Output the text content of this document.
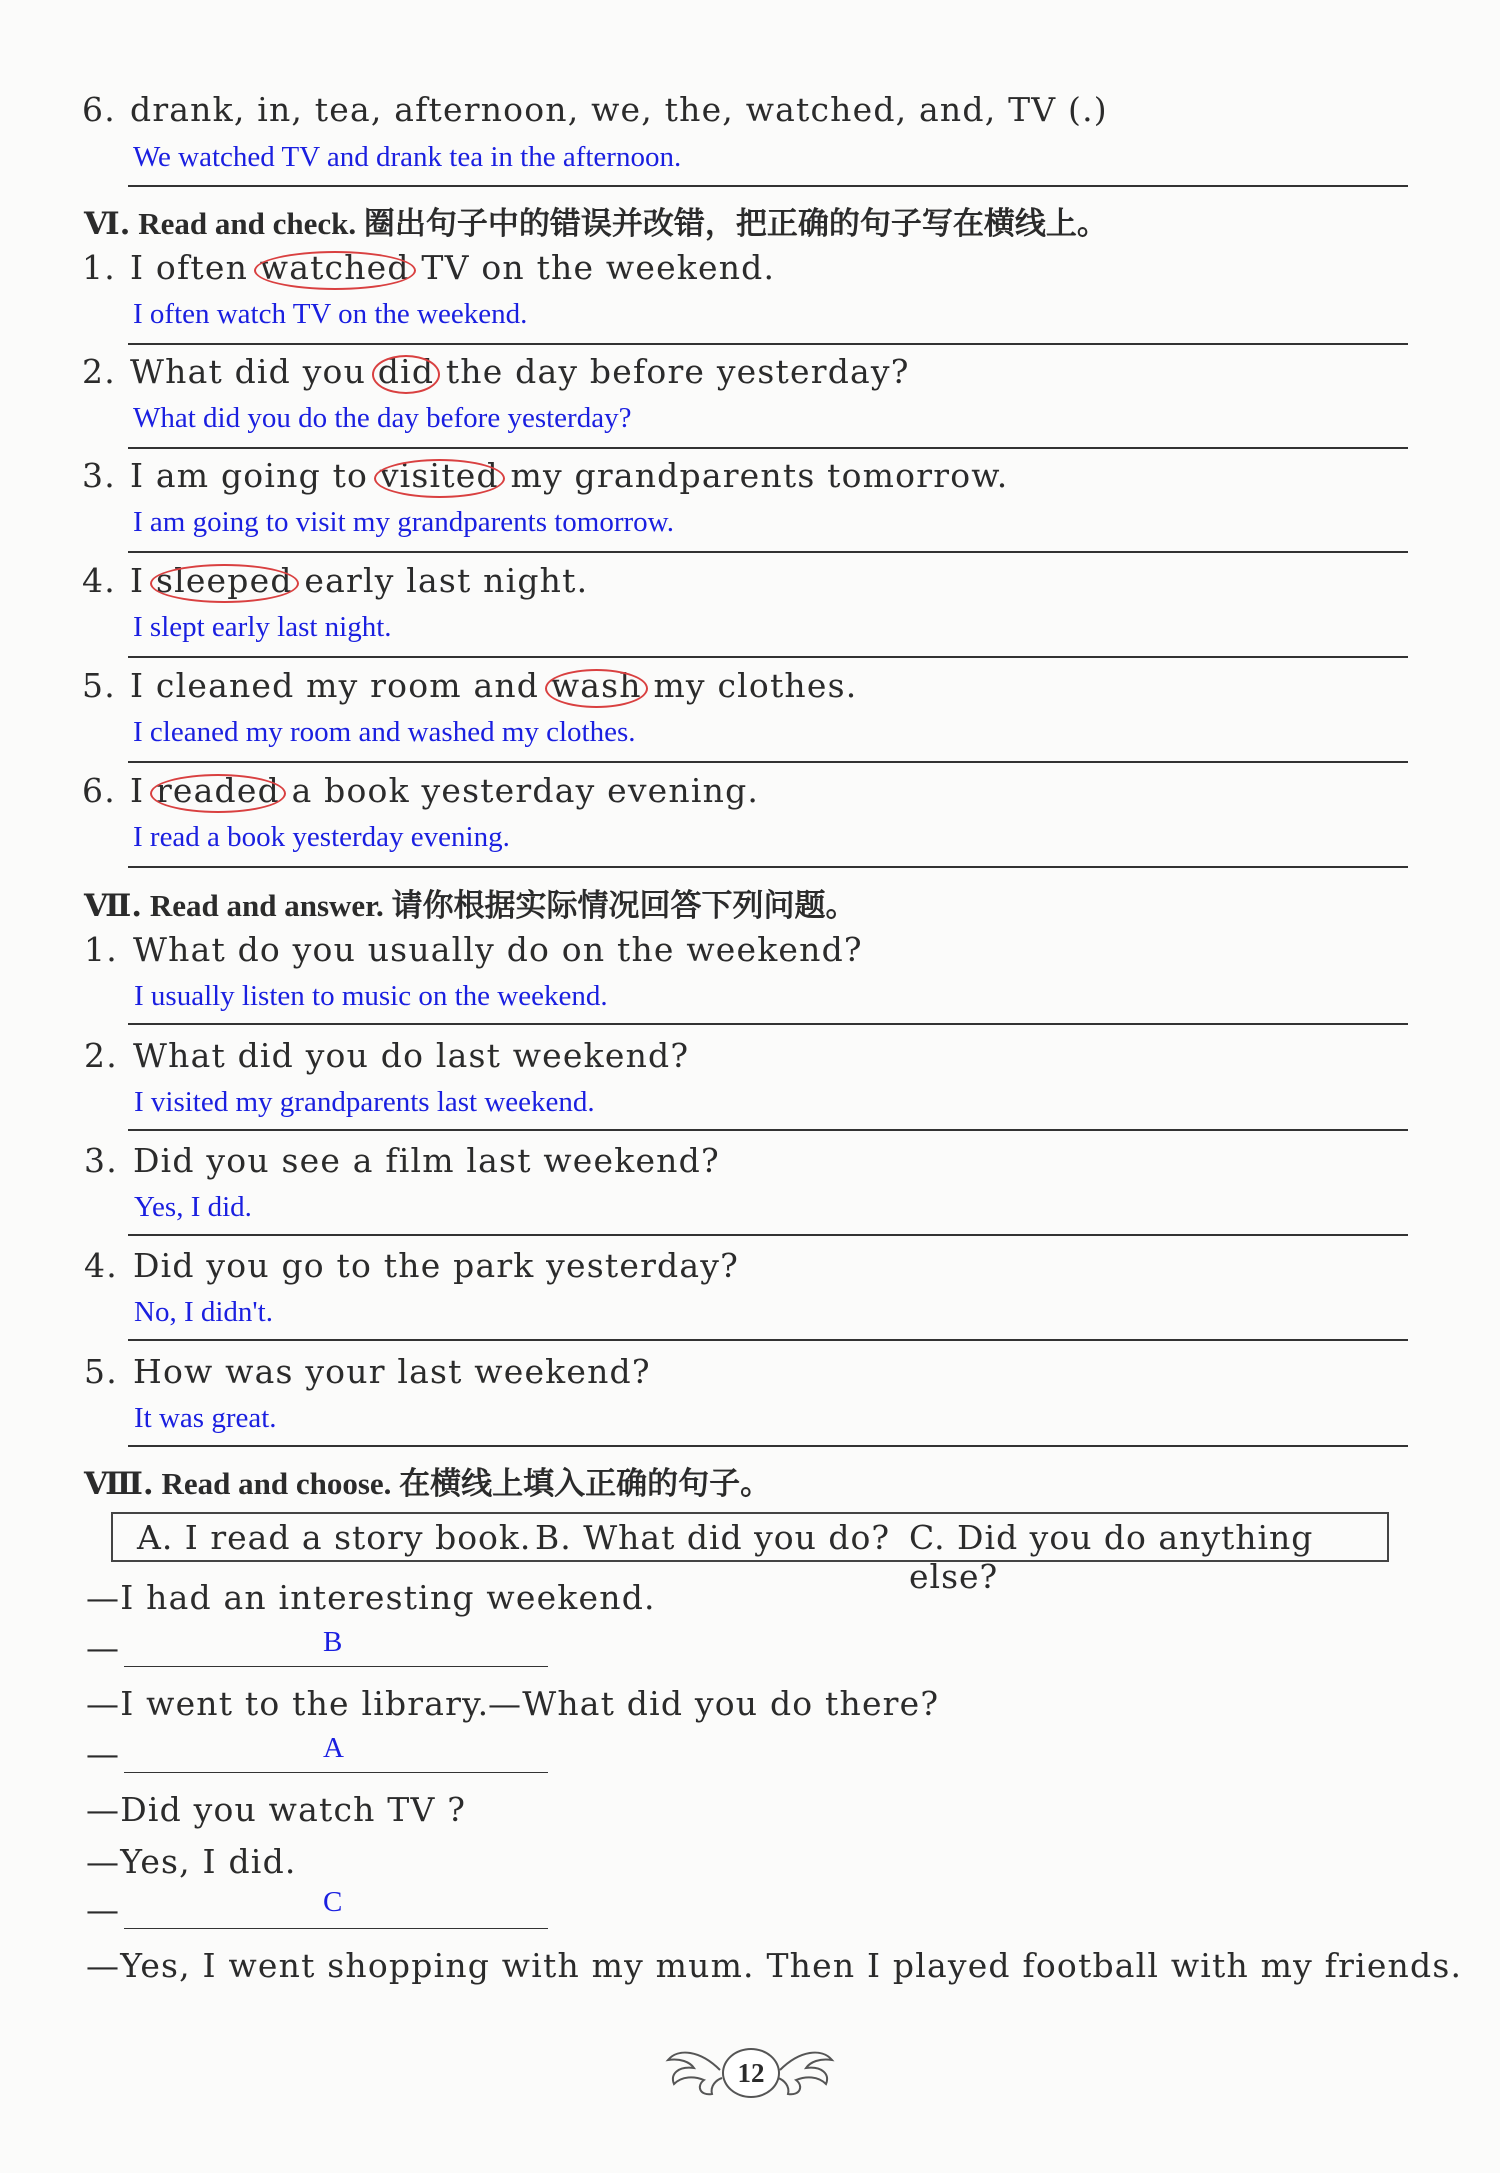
6. drank, in, tea, afternoon, we, the, watched, and, TV (.)
We watched TV and drank tea in the afternoon.
Ⅵ. Read and check. 圈出句子中的错误并改错，把正确的句子写在横线上。
1. I often watched TV on the weekend.
I often watch TV on the weekend.
2. What did you did the day before yesterday?
What did you do the day before yesterday?
3. I am going to visited my grandparents tomorrow.
I am going to visit my grandparents tomorrow.
4. I sleeped early last night.
I slept early last night.
5. I cleaned my room and wash my clothes.
I cleaned my room and washed my clothes.
6. I readed a book yesterday evening.
I read a book yesterday evening.
Ⅶ. Read and answer. 请你根据实际情况回答下列问题。
1. What do you usually do on the weekend?
I usually listen to music on the weekend.
2. What did you do last weekend?
I visited my grandparents last weekend.
3. Did you see a film last weekend?
Yes, I did.
4. Did you go to the park yesterday?
No, I didn't.
5. How was your last weekend?
It was great.
Ⅷ. Read and choose. 在横线上填入正确的句子。
A. I read a story book. B. What did you do? C. Did you do anything else?
—I had an interesting weekend.
—	B
—I went to the library.
—What did you do there?
—	A
—Did you watch TV ?
—Yes, I did.
—	C
—Yes, I went shopping with my mum. Then I played football with my friends.
12
